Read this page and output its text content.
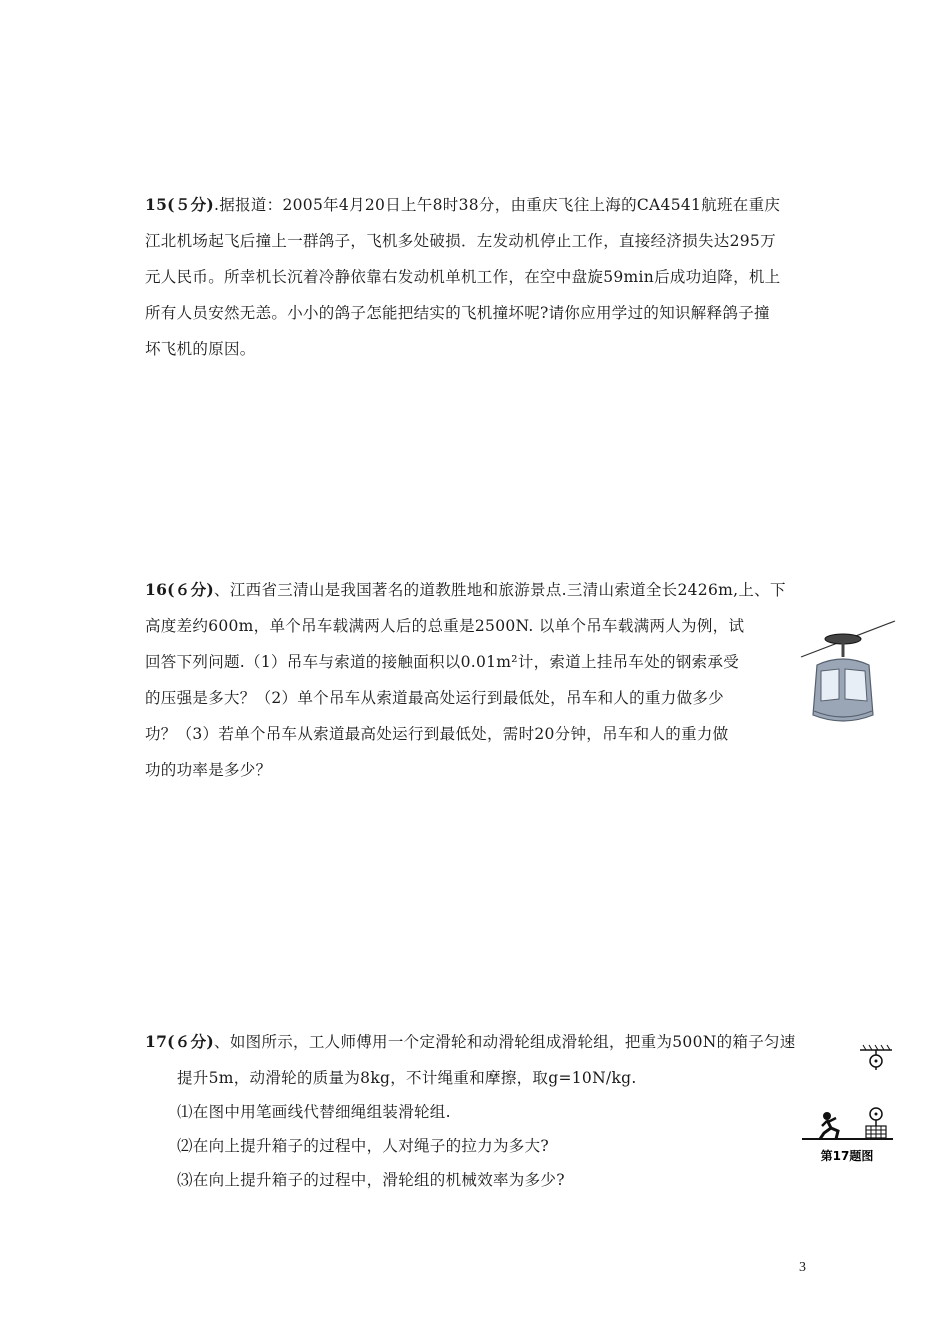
15(５分).据报道：2005年4月20日上午8时38分，由重庆飞往上海的CA4541航班在重庆
江北机场起飞后撞上一群鸽子，飞机多处破损．左发动机停止工作，直接经济损失达295万
元人民币。所幸机长沉着冷静依靠右发动机单机工作，在空中盘旋59min后成功迫降，机上
所有人员安然无恙。小小的鸽子怎能把结实的飞机撞坏呢?请你应用学过的知识解释鸽子撞
坏飞机的原因。
16(６分)、江西省三清山是我国著名的道教胜地和旅游景点.三清山索道全长2426m,上、下
高度差约600m，单个吊车载满两人后的总重是2500N. 以单个吊车载满两人为例，试
回答下列问题.（1）吊车与索道的接触面积以0.01m²计，索道上挂吊车处的钢索承受
的压强是多大？（2）单个吊车从索道最高处运行到最低处，吊车和人的重力做多少
功？（3）若单个吊车从索道最高处运行到最低处，需时20分钟，吊车和人的重力做
功的功率是多少？
17(６分)、如图所示，工人师傅用一个定滑轮和动滑轮组成滑轮组，把重为500N的箱子匀速
提升5m，动滑轮的质量为8kg，不计绳重和摩擦，取g=10N/kg.
⑴在图中用笔画线代替细绳组装滑轮组.
⑵在向上提升箱子的过程中，人对绳子的拉力为多大?
⑶在向上提升箱子的过程中，滑轮组的机械效率为多少?
第17题图
3
